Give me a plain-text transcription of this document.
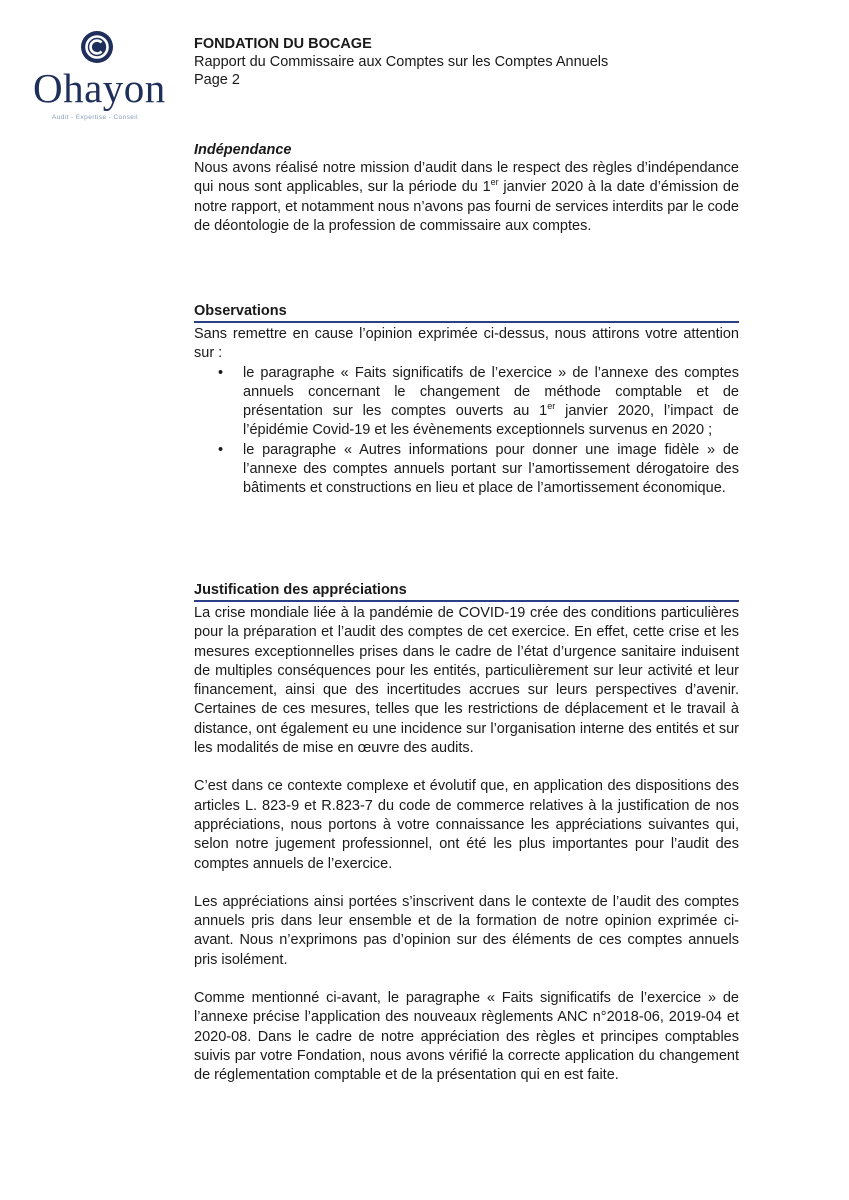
Ohayon
Audit - Expertise - Conseil
FONDATION DU BOCAGE
Rapport du Commissaire aux Comptes sur les Comptes Annuels
Page 2
Indépendance

Nous avons réalisé notre mission d’audit dans le respect des règles d’indépendance qui nous sont applicables, sur la période du 1er janvier 2020 à la date d’émission de notre rapport, et notamment nous n’avons pas fourni de services interdits par le code de déontologie de la profession de commissaire aux comptes.

Observations

Sans remettre en cause l’opinion exprimée ci-dessus, nous attirons votre attention sur :

• le paragraphe « Faits significatifs de l’exercice » de l’annexe des comptes annuels concernant le changement de méthode comptable et de présentation sur les comptes ouverts au 1er janvier 2020, l’impact de l’épidémie Covid-19 et les évènements exceptionnels survenus en 2020 ;
• le paragraphe « Autres informations pour donner une image fidèle » de l’annexe des comptes annuels portant sur l’amortissement dérogatoire des bâtiments et constructions en lieu et place de l’amortissement économique.
Justification des appréciations

La crise mondiale liée à la pandémie de COVID-19 crée des conditions particulières pour la préparation et l’audit des comptes de cet exercice. En effet, cette crise et les mesures exceptionnelles prises dans le cadre de l’état d’urgence sanitaire induisent de multiples conséquences pour les entités, particulièrement sur leur activité et leur financement, ainsi que des incertitudes accrues sur leurs perspectives d’avenir. Certaines de ces mesures, telles que les restrictions de déplacement et le travail à distance, ont également eu une incidence sur l’organisation interne des entités et sur les modalités de mise en œuvre des audits.

C’est dans ce contexte complexe et évolutif que, en application des dispositions des articles L. 823-9 et R.823-7 du code de commerce relatives à la justification de nos appréciations, nous portons à votre connaissance les appréciations suivantes qui, selon notre jugement professionnel, ont été les plus importantes pour l’audit des comptes annuels de l’exercice.

Les appréciations ainsi portées s’inscrivent dans le contexte de l’audit des comptes annuels pris dans leur ensemble et de la formation de notre opinion exprimée ci-avant. Nous n’exprimons pas d’opinion sur des éléments de ces comptes annuels pris isolément.

Comme mentionné ci-avant, le paragraphe « Faits significatifs de l’exercice » de l’annexe précise l’application des nouveaux règlements ANC n°2018-06, 2019-04 et 2020-08. Dans le cadre de notre appréciation des règles et principes comptables suivis par votre Fondation, nous avons vérifié la correcte application du changement de réglementation comptable et de la présentation qui en est faite.
